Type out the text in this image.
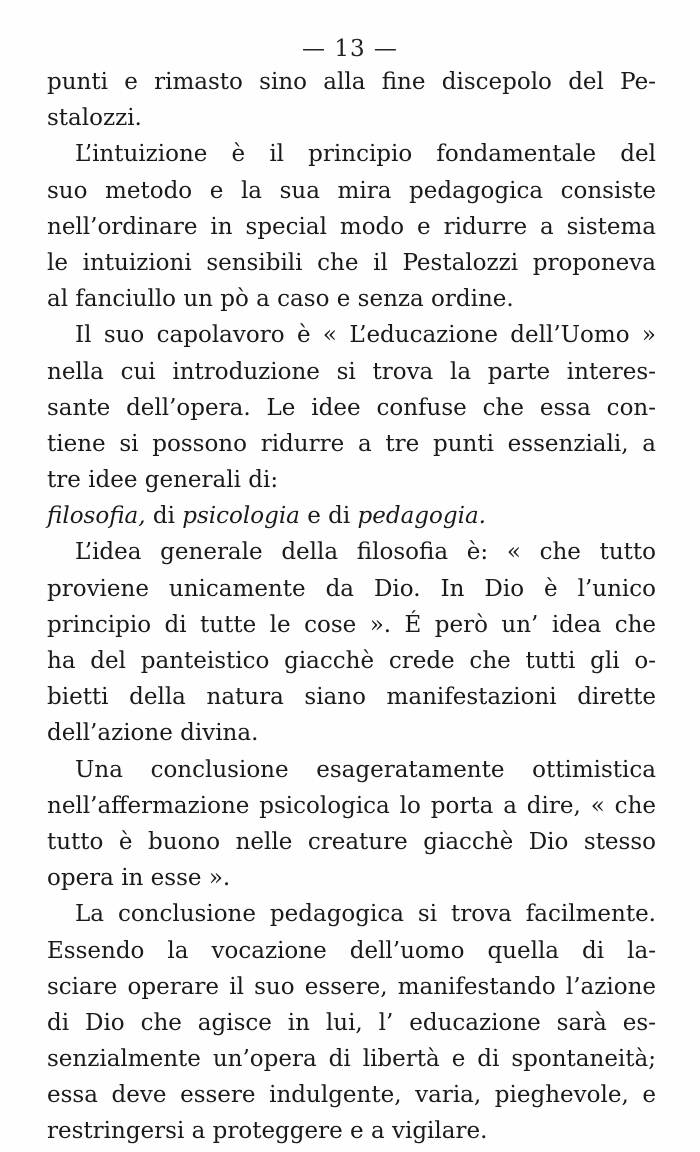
— 13 —
punti e rimasto sino alla fine discepolo del Pe-
stalozzi.
L’intuizione è il principio fondamentale del
suo metodo e la sua mira pedagogica consiste
nell’ordinare in special modo e ridurre a sistema
le intuizioni sensibili che il Pestalozzi proponeva
al fanciullo un pò a caso e senza ordine.
Il suo capolavoro è « L’educazione dell’Uomo »
nella cui introduzione si trova la parte interes-
sante dell’opera. Le idee confuse che essa con-
tiene si possono ridurre a tre punti essenziali, a
tre idee generali di:
filosofia, di psicologia e di pedagogia.
L’idea generale della filosofia è: « che tutto
proviene unicamente da Dio. In Dio è l’unico
principio di tutte le cose ». É però un’ idea che
ha del panteistico giacchè crede che tutti gli o-
bietti della natura siano manifestazioni dirette
dell’azione divina.
Una conclusione esageratamente ottimistica
nell’affermazione psicologica lo porta a dire, « che
tutto è buono nelle creature giacchè Dio stesso
opera in esse ».
La conclusione pedagogica si trova facilmente.
Essendo la vocazione dell’uomo quella di la-
sciare operare il suo essere, manifestando l’azione
di Dio che agisce in lui, l’ educazione sarà es-
senzialmente un’opera di libertà e di spontaneità;
essa deve essere indulgente, varia, pieghevole, e
restringersi a proteggere e a vigilare.
